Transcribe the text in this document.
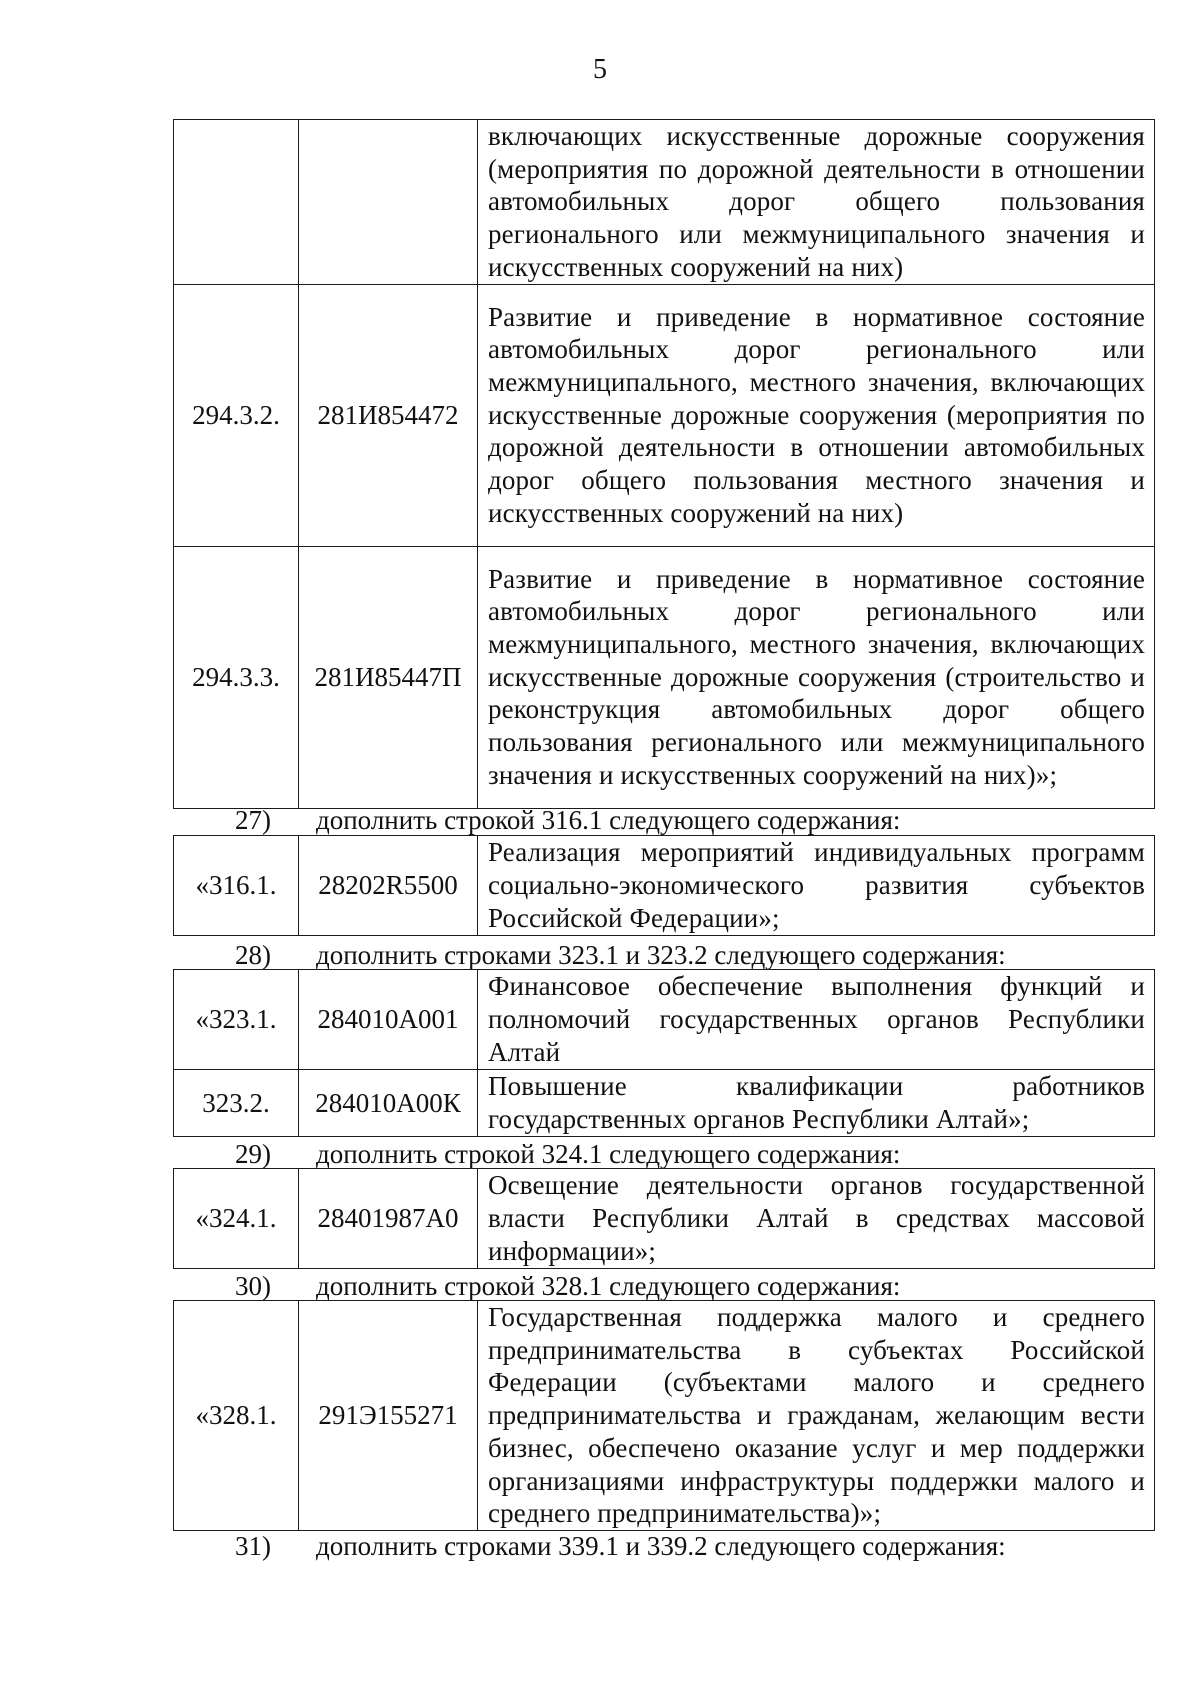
5
		включающих искусственные дорожные сооружения (мероприятия по дорожной деятельности в отношении автомобильных дорог общего пользования регионального или межмуниципального значения и искусственных сооружений на них)
294.3.2.	281И854472	Развитие и приведение в нормативное состояние автомобильных дорог регионального или межмуниципального, местного значения, включающих искусственные дорожные сооружения (мероприятия по дорожной деятельности в отношении автомобильных дорог общего пользования местного значения и искусственных сооружений на них)
294.3.3.	281И85447П	Развитие и приведение в нормативное состояние автомобильных дорог регионального или межмуниципального, местного значения, включающих искусственные дорожные сооружения (строительство и реконструкция автомобильных дорог общего пользования регионального или межмуниципального значения и искусственных сооружений на них)»;
27) дополнить строкой 316.1 следующего содержания:
«316.1.	28202R5500	Реализация мероприятий индивидуальных программ социально-экономического развития субъектов Российской Федерации»;
28) дополнить строками 323.1 и 323.2 следующего содержания:
«323.1.	284010А001	Финансовое обеспечение выполнения функций и полномочий государственных органов Республики Алтай
323.2.	284010А00К	Повышение квалификации работников государственных органов Республики Алтай»;
29) дополнить строкой 324.1 следующего содержания:
«324.1.	28401987А0	Освещение деятельности органов государственной власти Республики Алтай в средствах массовой информации»;
30) дополнить строкой 328.1 следующего содержания:
«328.1.	291Э155271	Государственная поддержка малого и среднего предпринимательства в субъектах Российской Федерации (субъектами малого и среднего предпринимательства и гражданам, желающим вести бизнес, обеспечено оказание услуг и мер поддержки организациями инфраструктуры поддержки малого и среднего предпринимательства)»;
31) дополнить строками 339.1 и 339.2 следующего содержания:
